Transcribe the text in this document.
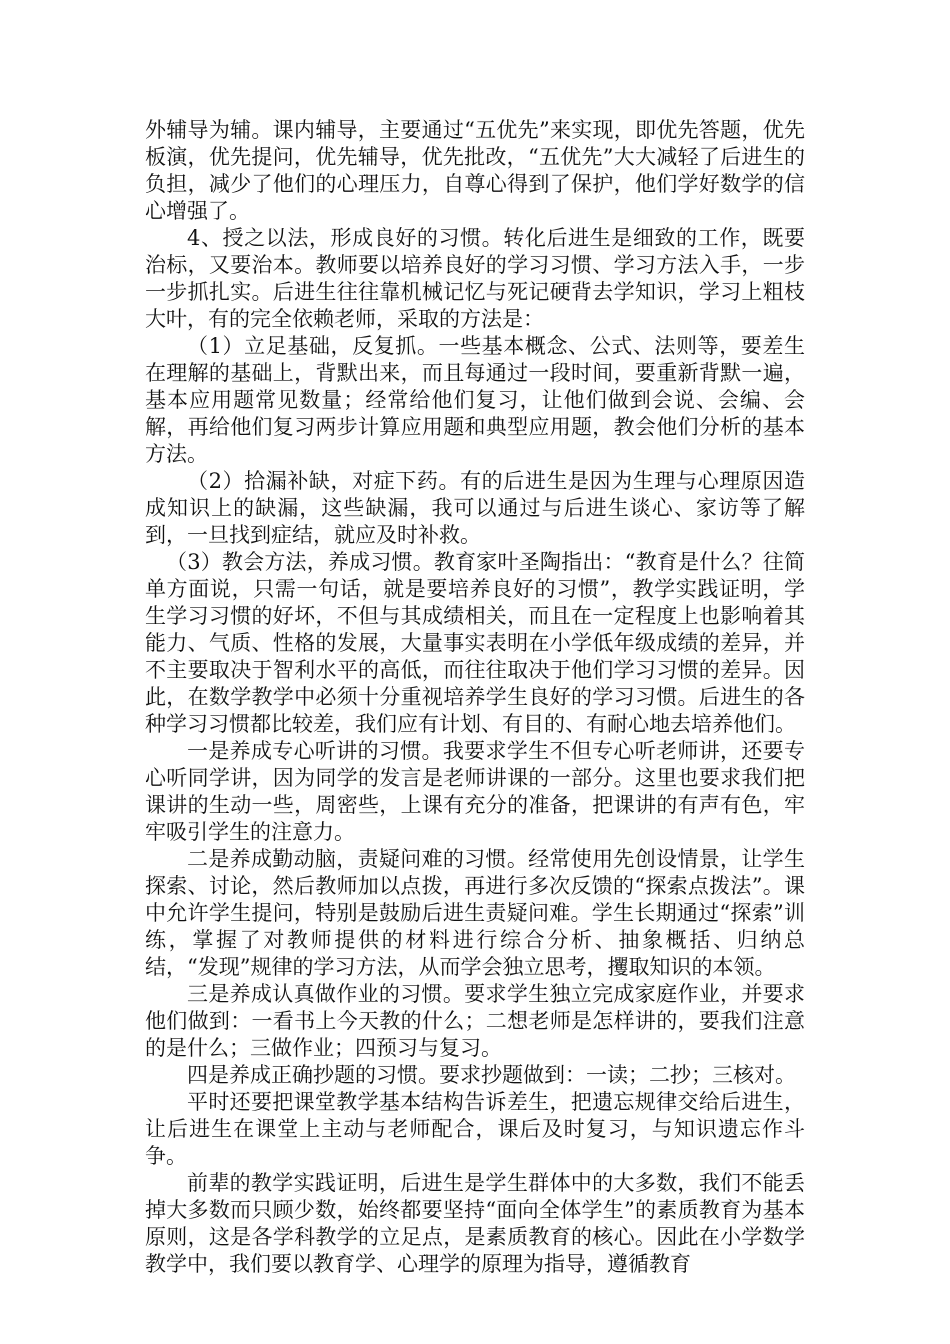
外辅导为辅。课内辅导，主要通过“五优先”来实现，即优先答题，优先板演，优先提问，优先辅导，优先批改，“五优先”大大减轻了后进生的负担，减少了他们的心理压力，自尊心得到了保护，他们学好数学的信心增强了。

4、授之以法，形成良好的习惯。转化后进生是细致的工作，既要治标，又要治本。教师要以培养良好的学习习惯、学习方法入手，一步一步抓扎实。后进生往往靠机械记忆与死记硬背去学知识，学习上粗枝大叶，有的完全依赖老师，采取的方法是：

（1）立足基础，反复抓。一些基本概念、公式、法则等，要差生在理解的基础上，背默出来，而且每通过一段时间，要重新背默一遍，基本应用题常见数量；经常给他们复习，让他们做到会说、会编、会解，再给他们复习两步计算应用题和典型应用题，教会他们分析的基本方法。

（2）拾漏补缺，对症下药。有的后进生是因为生理与心理原因造成知识上的缺漏，这些缺漏，我可以通过与后进生谈心、家访等了解到，一旦找到症结，就应及时补救。

（3）教会方法，养成习惯。教育家叶圣陶指出：“教育是什么？往简单方面说，只需一句话，就是要培养良好的习惯”，教学实践证明，学生学习习惯的好坏，不但与其成绩相关，而且在一定程度上也影响着其能力、气质、性格的发展，大量事实表明在小学低年级成绩的差异，并不主要取决于智利水平的高低，而往往取决于他们学习习惯的差异。因此，在数学教学中必须十分重视培养学生良好的学习习惯。后进生的各种学习习惯都比较差，我们应有计划、有目的、有耐心地去培养他们。

一是养成专心听讲的习惯。我要求学生不但专心听老师讲，还要专心听同学讲，因为同学的发言是老师讲课的一部分。这里也要求我们把课讲的生动一些，周密些，上课有充分的准备，把课讲的有声有色，牢牢吸引学生的注意力。

二是养成勤动脑，责疑问难的习惯。经常使用先创设情景，让学生探索、讨论，然后教师加以点拨，再进行多次反馈的“探索点拨法”。课中允许学生提问，特别是鼓励后进生责疑问难。学生长期通过“探索”训练，掌握了对教师提供的材料进行综合分析、抽象概括、归纳总结，“发现”规律的学习方法，从而学会独立思考，攫取知识的本领。

三是养成认真做作业的习惯。要求学生独立完成家庭作业，并要求他们做到：一看书上今天教的什么；二想老师是怎样讲的，要我们注意的是什么；三做作业；四预习与复习。

四是养成正确抄题的习惯。要求抄题做到：一读；二抄；三核对。

平时还要把课堂教学基本结构告诉差生，把遗忘规律交给后进生，让后进生在课堂上主动与老师配合，课后及时复习，与知识遗忘作斗争。

前辈的教学实践证明，后进生是学生群体中的大多数，我们不能丢掉大多数而只顾少数，始终都要坚持“面向全体学生”的素质教育为基本原则，这是各学科教学的立足点，是素质教育的核心。因此在小学数学教学中，我们要以教育学、心理学的原理为指导，遵循教育
